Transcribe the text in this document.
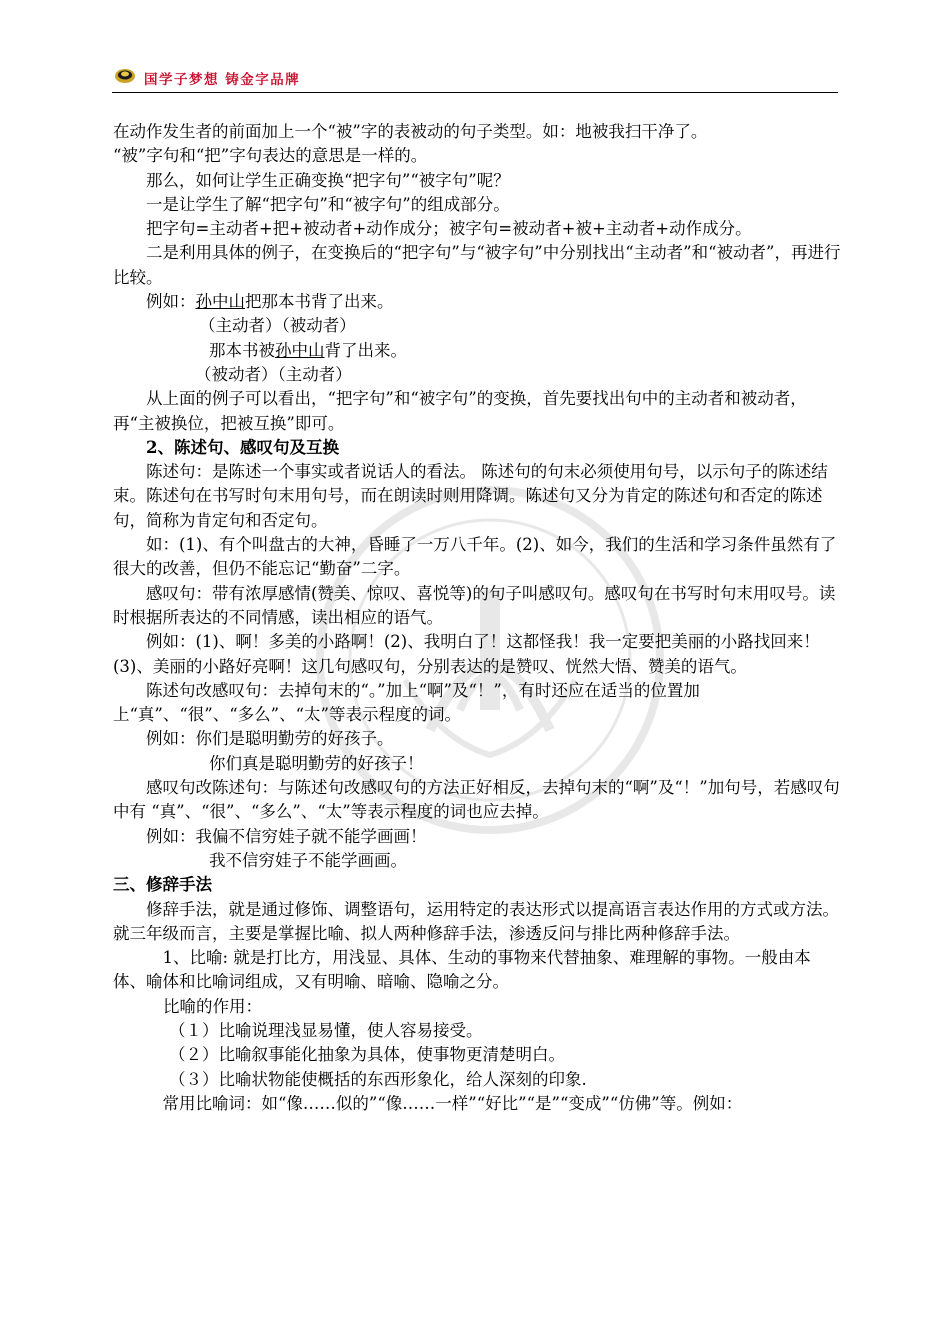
国学子梦想 铸金字品牌

在动作发生者的前面加上一个“被”字的表被动的句子类型。如：地被我扫干净了。

“被”字句和“把”字句表达的意思是一样的。

那么，如何让学生正确变换“把字句”“被字句”呢？

一是让学生了解“把字句”和“被字句”的组成部分。

把字句=主动者+把+被动者+动作成分；被字句=被动者+被+主动者+动作成分。

二是利用具体的例子，在变换后的“把字句”与“被字句”中分别找出“主动者”和“被动者”，再进行比较。

例如：孙中山把那本书背了出来。

（主动者）（被动者）

那本书被孙中山背了出来。

（被动者）（主动者）

从上面的例子可以看出，“把字句”和“被字句”的变换，首先要找出句中的主动者和被动者，再“主被换位，把被互换”即可。

2、陈述句、感叹句及互换

陈述句：是陈述一个事实或者说话人的看法。 陈述句的句末必须使用句号，以示句子的陈述结束。陈述句在书写时句末用句号，而在朗读时则用降调。陈述句又分为肯定的陈述句和否定的陈述句，简称为肯定句和否定句。

如：(1)、有个叫盘古的大神，昏睡了一万八千年。(2)、如今，我们的生活和学习条件虽然有了很大的改善，但仍不能忘记“勤奋”二字。

感叹句：带有浓厚感情(赞美、惊叹、喜悦等)的句子叫感叹句。感叹句在书写时句末用叹号。读时根据所表达的不同情感，读出相应的语气。

例如：(1)、啊！多美的小路啊！(2)、我明白了！这都怪我！我一定要把美丽的小路找回来！(3)、美丽的小路好亮啊！这几句感叹句，分别表达的是赞叹、恍然大悟、赞美的语气。

陈述句改感叹句：去掉句末的“。”加上“啊”及“！”，有时还应在适当的位置加上“真”、“很”、“多么”、“太”等表示程度的词。

例如：你们是聪明勤劳的好孩子。

你们真是聪明勤劳的好孩子！

感叹句改陈述句：与陈述句改感叹句的方法正好相反，去掉句末的“啊”及“！”加句号，若感叹句中有 “真”、“很”、“多么”、“太”等表示程度的词也应去掉。

例如：我偏不信穷娃子就不能学画画！

我不信穷娃子不能学画画。

三、修辞手法

修辞手法，就是通过修饰、调整语句，运用特定的表达形式以提高语言表达作用的方式或方法。就三年级而言，主要是掌握比喻、拟人两种修辞手法，渗透反问与排比两种修辞手法。

1、比喻: 就是打比方，用浅显、具体、生动的事物来代替抽象、难理解的事物。一般由本体、喻体和比喻词组成，又有明喻、暗喻、隐喻之分。

比喻的作用：

（１）比喻说理浅显易懂，使人容易接受。

（２）比喻叙事能化抽象为具体，使事物更清楚明白。

（３）比喻状物能使概括的东西形象化，给人深刻的印象.

常用比喻词：如“像……似的”“像……一样”“好比”“是”“变成”“仿佛”等。例如：
